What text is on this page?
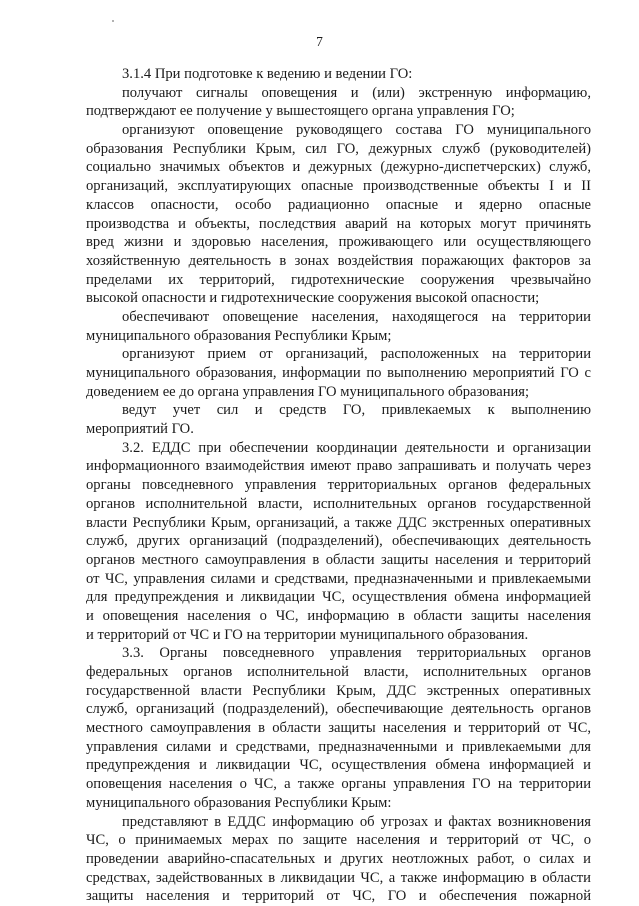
7
3.1.4 При подготовке к ведению и ведении ГО:
получают сигналы оповещения и (или) экстренную информацию,
подтверждают ее получение у вышестоящего органа управления ГО;
организуют оповещение руководящего состава ГО муниципального
образования Республики Крым, сил ГО, дежурных служб (руководителей)
социально значимых объектов и дежурных (дежурно-диспетчерских) служб,
организаций, эксплуатирующих опасные производственные объекты I и II
классов опасности, особо радиационно опасные и ядерно опасные
производства и объекты, последствия аварий на которых могут причинять
вред жизни и здоровью населения, проживающего или осуществляющего
хозяйственную деятельность в зонах воздействия поражающих факторов за
пределами их территорий, гидротехнические сооружения чрезвычайно
высокой опасности и гидротехнические сооружения высокой опасности;
обеспечивают оповещение населения, находящегося на территории
муниципального образования Республики Крым;
организуют прием от организаций, расположенных на территории
муниципального образования, информации по выполнению мероприятий ГО с
доведением ее до органа управления ГО муниципального образования;
ведут учет сил и средств ГО, привлекаемых к выполнению
мероприятий ГО.
3.2. ЕДДС при обеспечении координации деятельности и организации
информационного взаимодействия имеют право запрашивать и получать через
органы повседневного управления территориальных органов федеральных
органов исполнительной власти, исполнительных органов государственной
власти Республики Крым, организаций, а также ДДС экстренных оперативных
служб, других организаций (подразделений), обеспечивающих деятельность
органов местного самоуправления в области защиты населения и территорий
от ЧС, управления силами и средствами, предназначенными и привлекаемыми
для предупреждения и ликвидации ЧС, осуществления обмена информацией
и оповещения населения о ЧС, информацию в области защиты населения
и территорий от ЧС и ГО на территории муниципального образования.
3.3. Органы повседневного управления территориальных органов
федеральных органов исполнительной власти, исполнительных органов
государственной власти Республики Крым, ДДС экстренных оперативных
служб, организаций (подразделений), обеспечивающие деятельность органов
местного самоуправления в области защиты населения и территорий от ЧС,
управления силами и средствами, предназначенными и привлекаемыми для
предупреждения и ликвидации ЧС, осуществления обмена информацией и
оповещения населения о ЧС, а также органы управления ГО на территории
муниципального образования Республики Крым:
представляют в ЕДДС информацию об угрозах и фактах возникновения
ЧС, о принимаемых мерах по защите населения и территорий от ЧС, о
проведении аварийно-спасательных и других неотложных работ, о силах и
средствах, задействованных в ликвидации ЧС, а также информацию в области
защиты населения и территорий от ЧС, ГО и обеспечения пожарной
